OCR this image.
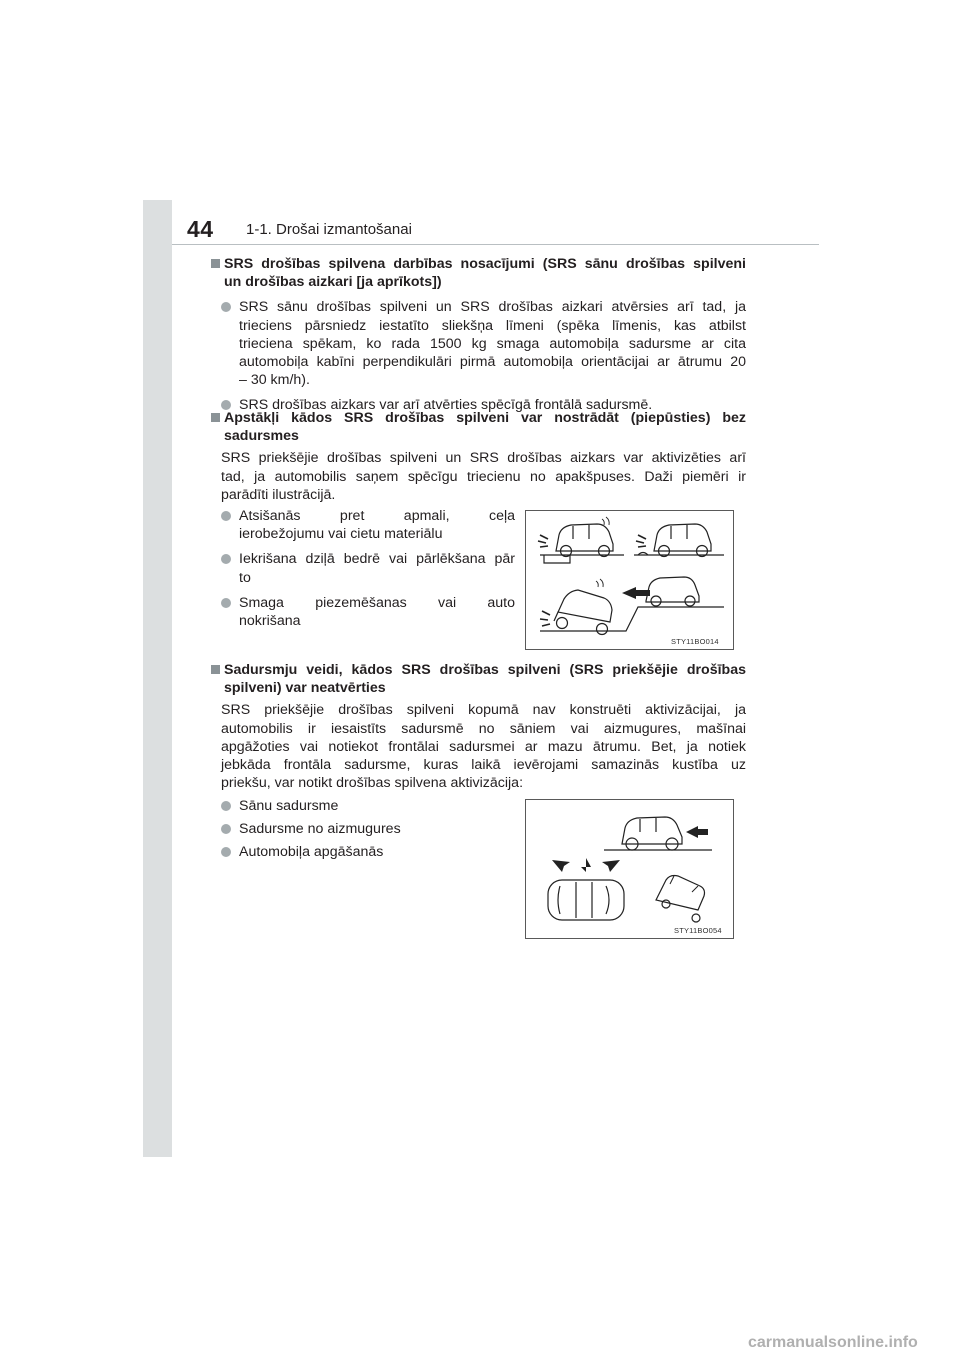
44 1-1. Drošai izmantošanai
SRS drošības spilvena darbības nosacījumi (SRS sānu drošības spilveni
un drošības aizkari [ja aprīkots])
SRS sānu drošības spilveni un SRS drošības aizkari atvērsies arī tad, ja
trieciens pārsniedz iestatīto sliekšņa līmeni (spēka līmenis, kas atbilst
trieciena spēkam, ko rada 1500 kg smaga automobiļa sadursme ar cita
automobiļa kabīni perpendikulāri pirmā automobiļa orientācijai ar ātrumu 20
– 30 km/h).
SRS drošības aizkars var arī atvērties spēcīgā frontālā sadursmē.
Apstākļi kādos SRS drošības spilveni var nostrādāt (piepūsties) bez
sadursmes
SRS priekšējie drošības spilveni un SRS drošības aizkars var aktivizēties arī
tad, ja automobilis saņem spēcīgu triecienu no apakšpuses. Daži piemēri ir
parādīti ilustrācijā.
Atsišanās pret apmali, ceļa
ierobežojumu vai cietu materiālu
Iekrišana dziļā bedrē vai pārlēkšana pār
to
Smaga piezemēšanas vai auto
nokrišana
STY11BO014
Sadursmju veidi, kādos SRS drošības spilveni (SRS priekšējie drošības
spilveni) var neatvērties
SRS priekšējie drošības spilveni kopumā nav konstruēti aktivizācijai, ja
automobilis ir iesaistīts sadursmē no sāniem vai aizmugures, mašīnai
apgāžoties vai notiekot frontālai sadursmei ar mazu ātrumu. Bet, ja notiek
jebkāda frontāla sadursme, kuras laikā ievērojami samazinās kustība uz
priekšu, var notikt drošības spilvena aktivizācija:
Sānu sadursme
Sadursme no aizmugures
Automobiļa apgāšanās
STY11BO054
carmanualsonline.info
